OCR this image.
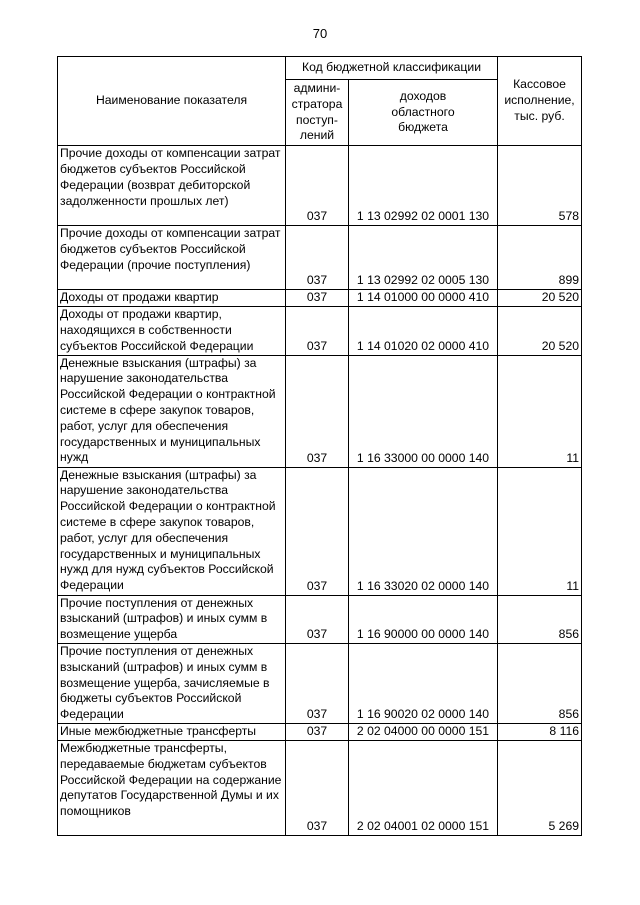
70
Наименование показателя	Код бюджетной классификации		Кассовое
исполнение,
тыс. руб.
	админи-
стратора
поступ-
лений	доходов
областного
бюджета	
Прочие доходы от компенсации затрат бюджетов субъектов Российской Федерации (возврат дебиторской задолженности прошлых лет)	037	1 13 02992 02 0001 130	578
Прочие доходы от компенсации затрат бюджетов субъектов Российской Федерации (прочие поступления)	037	1 13 02992 02 0005 130	899
Доходы от продажи квартир	037	1 14 01000 00 0000 410	20 520
Доходы от продажи квартир, находящихся в собственности субъектов Российской Федерации	037	1 14 01020 02 0000 410	20 520
Денежные взыскания (штрафы) за нарушение законодательства Российской Федерации о контрактной системе в сфере закупок товаров, работ, услуг для обеспечения государственных и муниципальных нужд	037	1 16 33000 00 0000 140	11
Денежные взыскания (штрафы) за нарушение законодательства Российской Федерации о контрактной системе в сфере закупок товаров, работ, услуг для обеспечения государственных и муниципальных нужд для нужд субъектов Российской Федерации	037	1 16 33020 02 0000 140	11
Прочие поступления от денежных взысканий (штрафов) и иных сумм в возмещение ущерба	037	1 16 90000 00 0000 140	856
Прочие поступления от денежных взысканий (штрафов) и иных сумм в возмещение ущерба, зачисляемые в бюджеты субъектов Российской Федерации	037	1 16 90020 02 0000 140	856
Иные межбюджетные трансферты	037	2 02 04000 00 0000 151	8 116
Межбюджетные трансферты, передаваемые бюджетам субъектов Российской Федерации на содержание депутатов Государственной Думы и их помощников	037	2 02 04001 02 0000 151	5 269
